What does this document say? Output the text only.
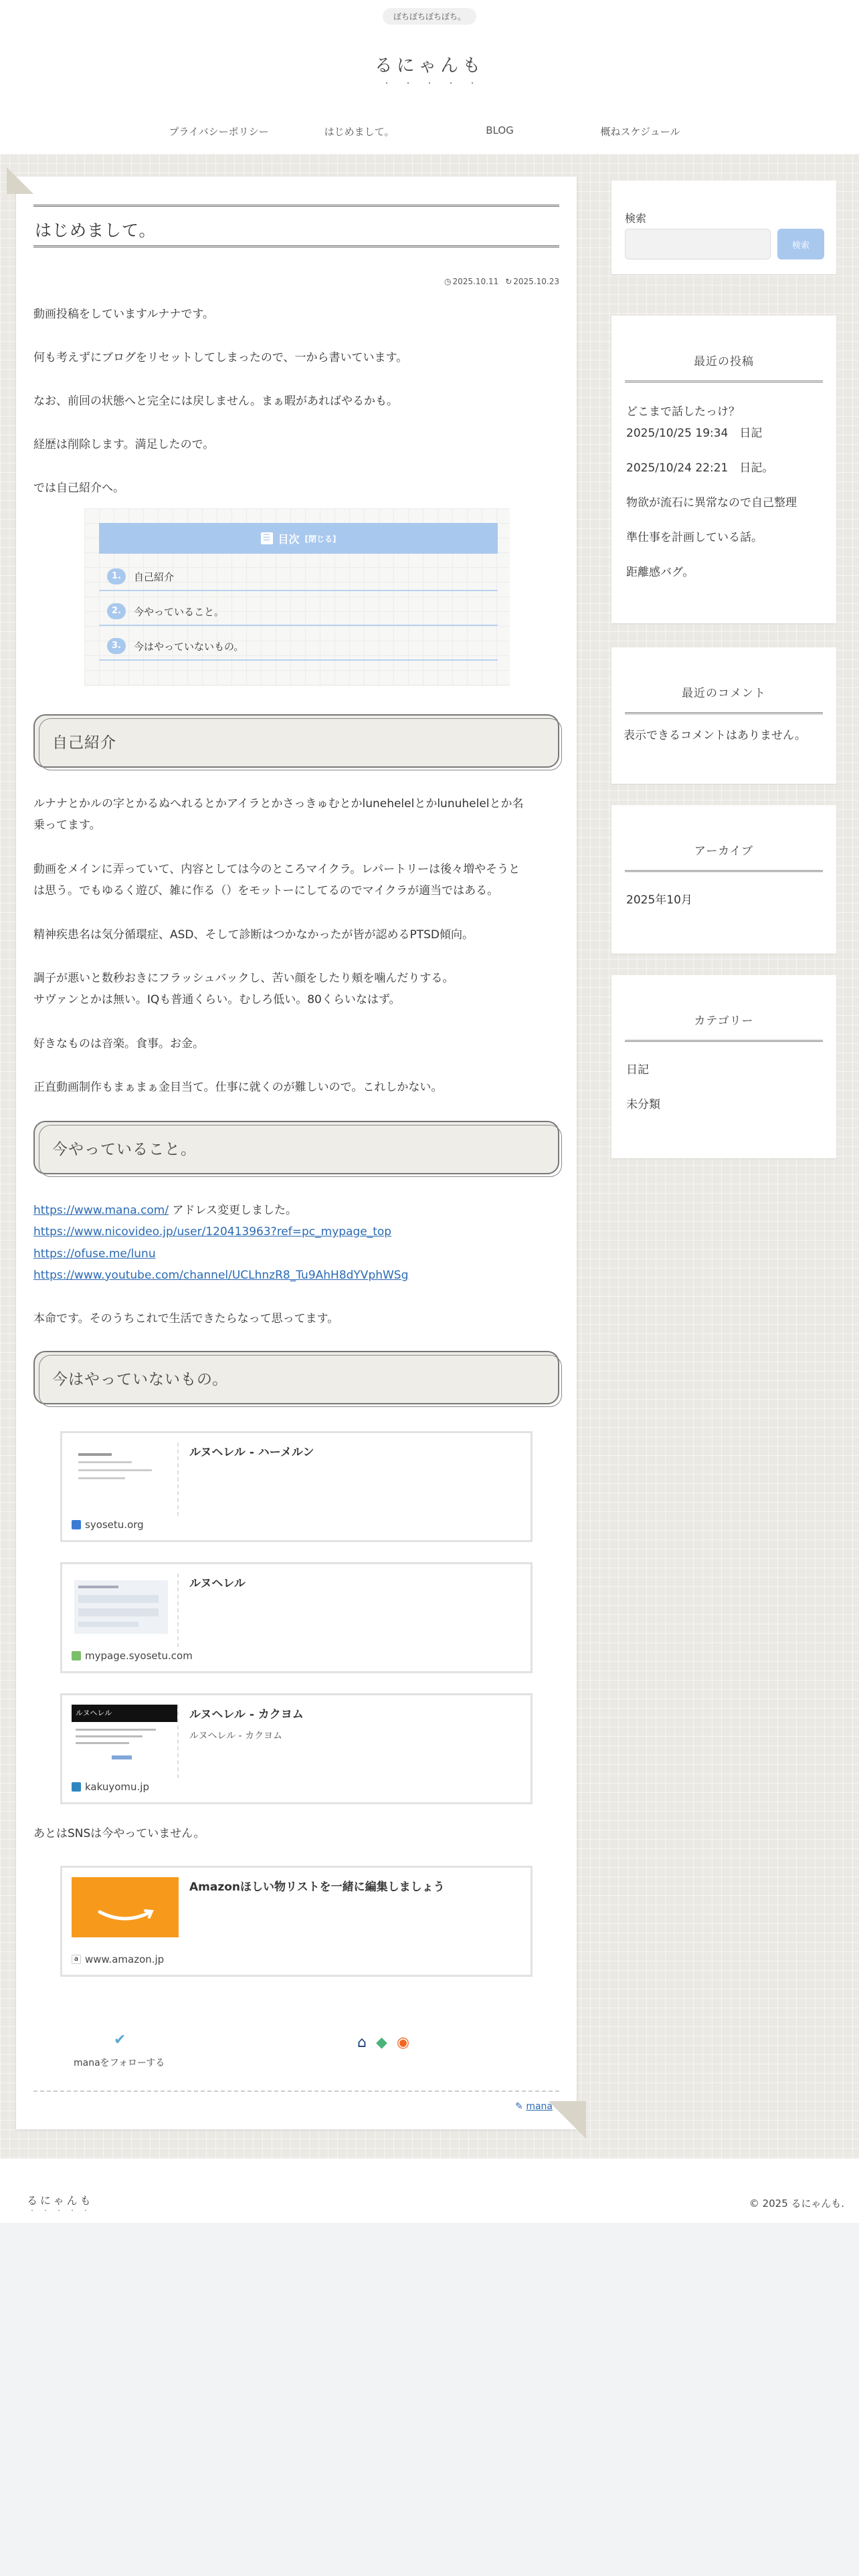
ぼちぼちぼちぼち。
るにゃんも
・・・・・
プライバシーポリシー	はじめまして。	BLOG	概ねスケジュール
はじめまして。
◷ 2025.10.11 ↻ 2025.10.23

動画投稿をしていますルナナです。

何も考えずにブログをリセットしてしまったので、一から書いています。

なお、前回の状態へと完全には戻しません。まぁ暇があればやるかも。

経歴は削除します。満足したので。

では自己紹介へ。

☰ 目次 [閉じる]
1.	自己紹介
2.	今やっていること。
3.	今はやっていないもの。
自己紹介

ルナナとかルの字とかるぬへれるとかアイラとかさっきゅむとかlunehelelとかlunuhelelとか名
乗ってます。

動画をメインに弄っていて、内容としては今のところマイクラ。レパートリーは後々増やそうと
は思う。でもゆるく遊び、雑に作る（）をモットーにしてるのでマイクラが適当ではある。

精神疾患名は気分循環症、ASD、そして診断はつかなかったが皆が認めるPTSD傾向。

調子が悪いと数秒おきにフラッシュバックし、苦い顔をしたり頬を噛んだりする。
サヴァンとかは無い。IQも普通くらい。むしろ低い。80くらいなはず。

好きなものは音楽。食事。お金。

正直動画制作もまぁまぁ金目当て。仕事に就くのが難しいので。これしかない。

今やっていること。
https://www.mana.com/ アドレス変更しました。
https://www.nicovideo.jp/user/120413963?ref=pc_mypage_top
https://ofuse.me/lunu
https://www.youtube.com/channel/UCLhnzR8_Tu9AhH8dYVphWSg

本命です。そのうちこれで生活できたらなって思ってます。

今はやっていないもの。
ルヌヘレル - ハーメルン
syosetu.org
ルヌヘレル
mypage.syosetu.com
ルヌヘレル	ルヌヘレル - カクヨム
ルヌヘレル - カクヨム
kakuyomu.jp

あとはSNSは今やっていません。

Amazonほしい物リストを一緒に編集しましょう
a www.amazon.jp
✔
manaをフォローする
⌂ ◆ ◉
✎ mana
検索
検索
最近の投稿
どこまで話したっけ？
2025/10/25 19:34　日記
2025/10/24 22:21　日記。
物欲が流石に異常なので自己整理
準仕事を計画している話。
距離感バグ。
最近のコメント
表示できるコメントはありません。
アーカイブ
2025年10月
カテゴリー
日記
未分類
るにゃんも
・・・・・
© 2025 るにゃんも.
